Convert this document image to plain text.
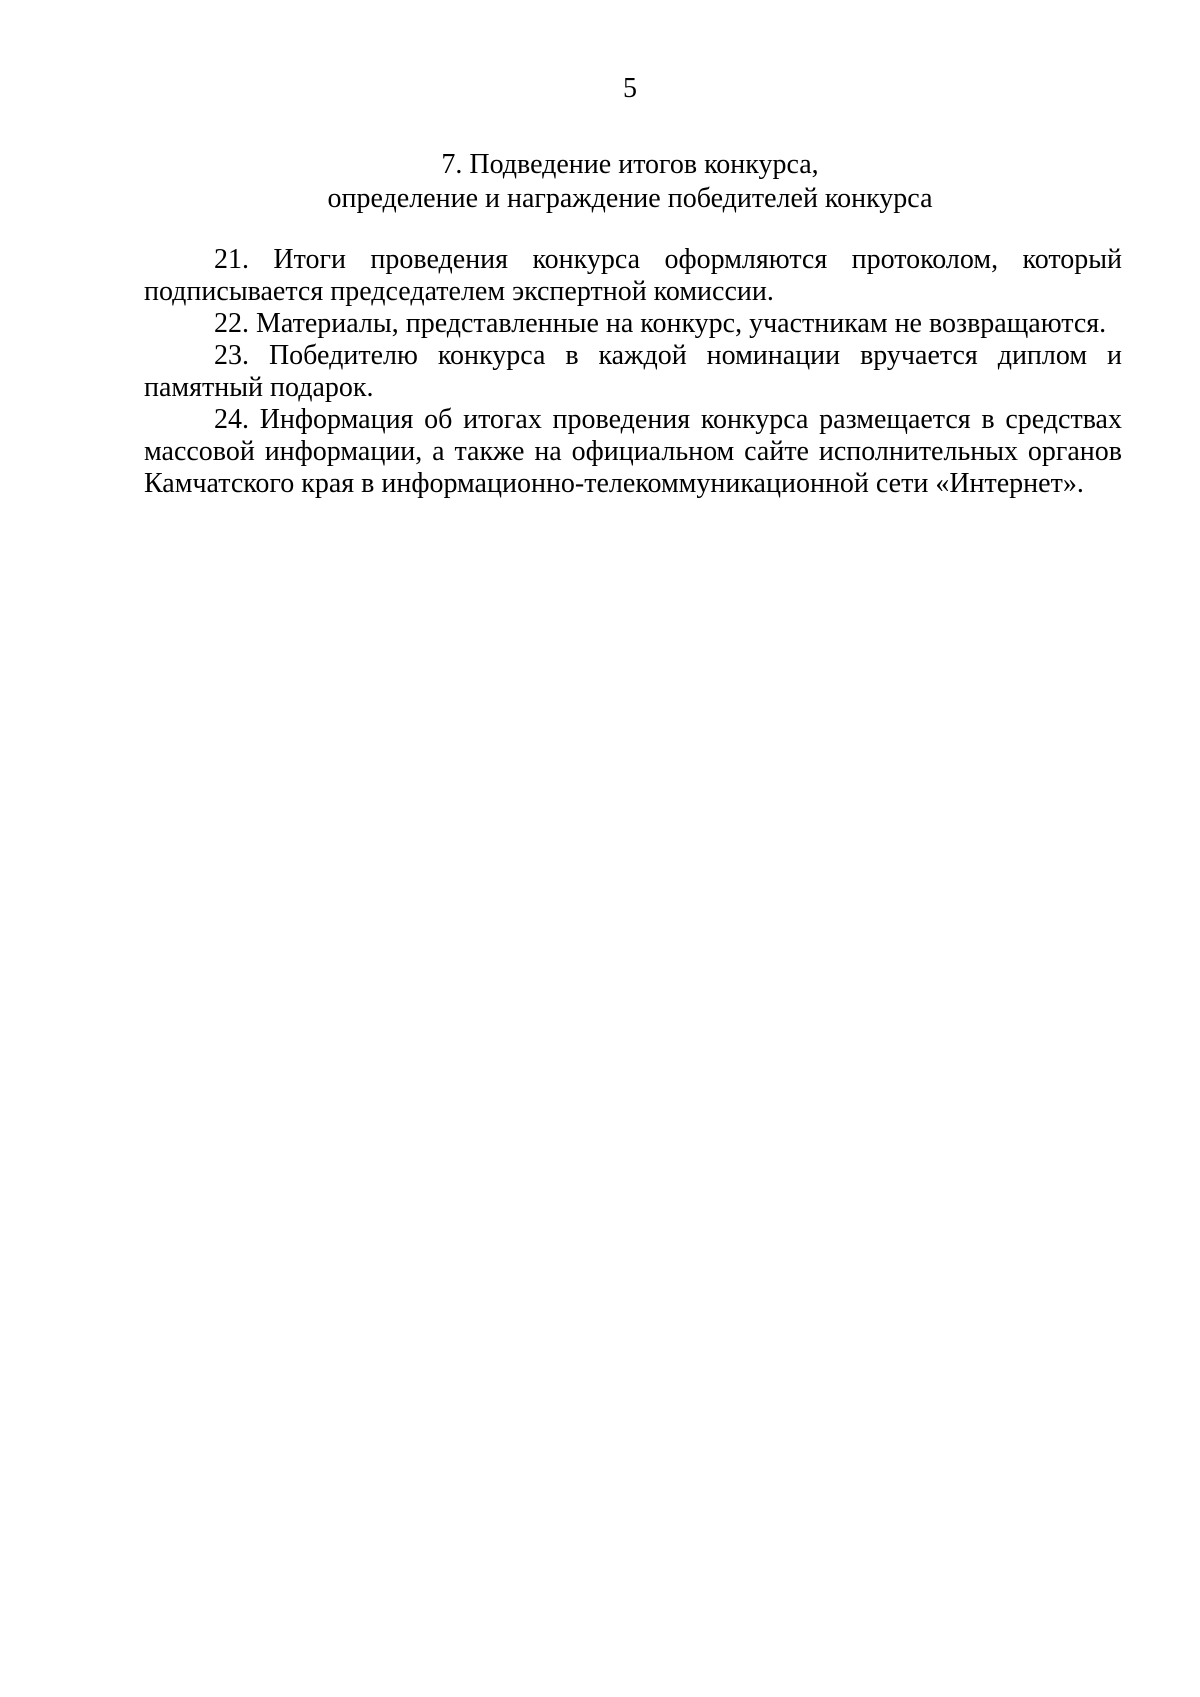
5
7. Подведение итогов конкурса,
определение и награждение победителей конкурса

21. Итоги проведения конкурса оформляются протоколом, который подписывается председателем экспертной комиссии.

22. Материалы, представленные на конкурс, участникам не возвращаются.

23. Победителю конкурса в каждой номинации вручается диплом и памятный подарок.

24. Информация об итогах проведения конкурса размещается в средствах массовой информации, а также на официальном сайте исполнительных органов Камчатского края в информационно-телекоммуникационной сети «Интернет».
